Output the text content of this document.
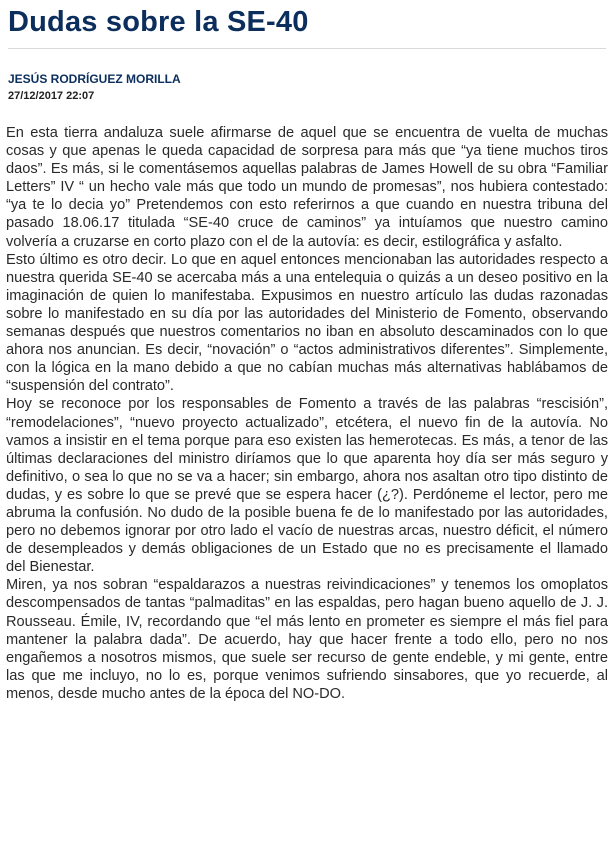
Dudas sobre la SE-40
JESÚS RODRÍGUEZ MORILLA
27/12/2017 22:07

En esta tierra andaluza suele afirmarse de aquel que se encuentra de vuelta de muchas cosas y que apenas le queda capacidad de sorpresa para más que “ya tiene muchos tiros daos”. Es más, si le comentásemos aquellas palabras de James Howell de su obra “Familiar Letters” IV “ un hecho vale más que todo un mundo de promesas”, nos hubiera contestado: “ya te lo decia yo” Pretendemos con esto referirnos a que cuando en nuestra tribuna del pasado 18.06.17 titulada “SE-40 cruce de caminos” ya intuíamos que nuestro camino volvería a cruzarse en corto plazo con el de la autovía: es decir, estilográfica y asfalto.

Esto último es otro decir. Lo que en aquel entonces mencionaban las autoridades respecto a nuestra querida SE-40 se acercaba más a una entelequia o quizás a un deseo positivo en la imaginación de quien lo manifestaba. Expusimos en nuestro artículo las dudas razonadas sobre lo manifestado en su día por las autoridades del Ministerio de Fomento, observando semanas después que nuestros comentarios no iban en absoluto descaminados con lo que ahora nos anuncian. Es decir, “novación” o “actos administrativos diferentes”. Simplemente, con la lógica en la mano debido a que no cabían muchas más alternativas hablábamos de “suspensión del contrato”.

Hoy se reconoce por los responsables de Fomento a través de las palabras “rescisión”, “remodelaciones”, “nuevo proyecto actualizado”, etcétera, el nuevo fin de la autovía. No vamos a insistir en el tema porque para eso existen las hemerotecas. Es más, a tenor de las últimas declaraciones del ministro diríamos que lo que aparenta hoy día ser más seguro y definitivo, o sea lo que no se va a hacer; sin embargo, ahora nos asaltan otro tipo distinto de dudas, y es sobre lo que se prevé que se espera hacer (¿?). Perdóneme el lector, pero me abruma la confusión. No dudo de la posible buena fe de lo manifestado por las autoridades, pero no debemos ignorar por otro lado el vacío de nuestras arcas, nuestro déficit, el número de desempleados y demás obligaciones de un Estado que no es precisamente el llamado del Bienestar.

Miren, ya nos sobran “espaldarazos a nuestras reivindicaciones” y tenemos los omoplatos descompensados de tantas “palmaditas” en las espaldas, pero hagan bueno aquello de J. J. Rousseau. Émile, IV, recordando que “el más lento en prometer es siempre el más fiel para mantener la palabra dada”. De acuerdo, hay que hacer frente a todo ello, pero no nos engañemos a nosotros mismos, que suele ser recurso de gente endeble, y mi gente, entre las que me incluyo, no lo es, porque venimos sufriendo sinsabores, que yo recuerde, al menos, desde mucho antes de la época del NO-DO.
